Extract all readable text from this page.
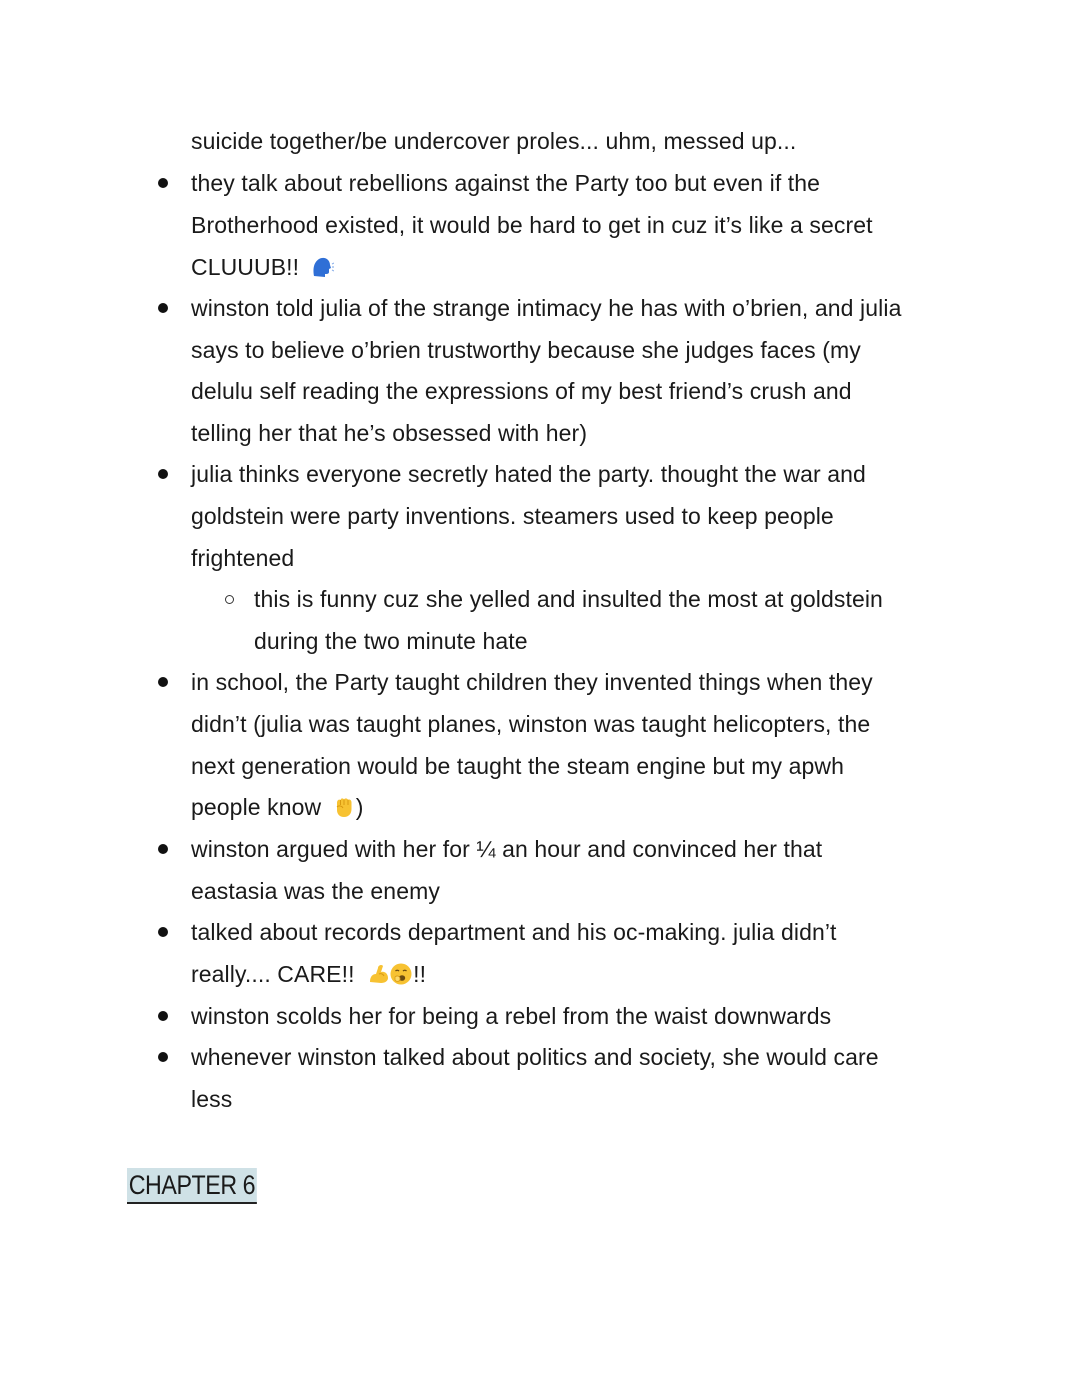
suicide together/be undercover proles... uhm, messed up...
they talk about rebellions against the Party too but even if the
Brotherhood existed, it would be hard to get in cuz it’s like a secret
CLUUUB!!
winston told julia of the strange intimacy he has with o’brien, and julia
says to believe o’brien trustworthy because she judges faces (my
delulu self reading the expressions of my best friend’s crush and
telling her that he’s obsessed with her)
julia thinks everyone secretly hated the party. thought the war and
goldstein were party inventions. steamers used to keep people
frightened
this is funny cuz she yelled and insulted the most at goldstein
during the two minute hate
in school, the Party taught children they invented things when they
didn’t (julia was taught planes, winston was taught helicopters, the
next generation would be taught the steam engine but my apwh
people know )
winston argued with her for ¼ an hour and convinced her that
eastasia was the enemy
talked about records department and his oc-making. julia didn’t
really.... CARE!!	!!
winston scolds her for being a rebel from the waist downwards
whenever winston talked about politics and society, she would care
less
CHAPTER 6
